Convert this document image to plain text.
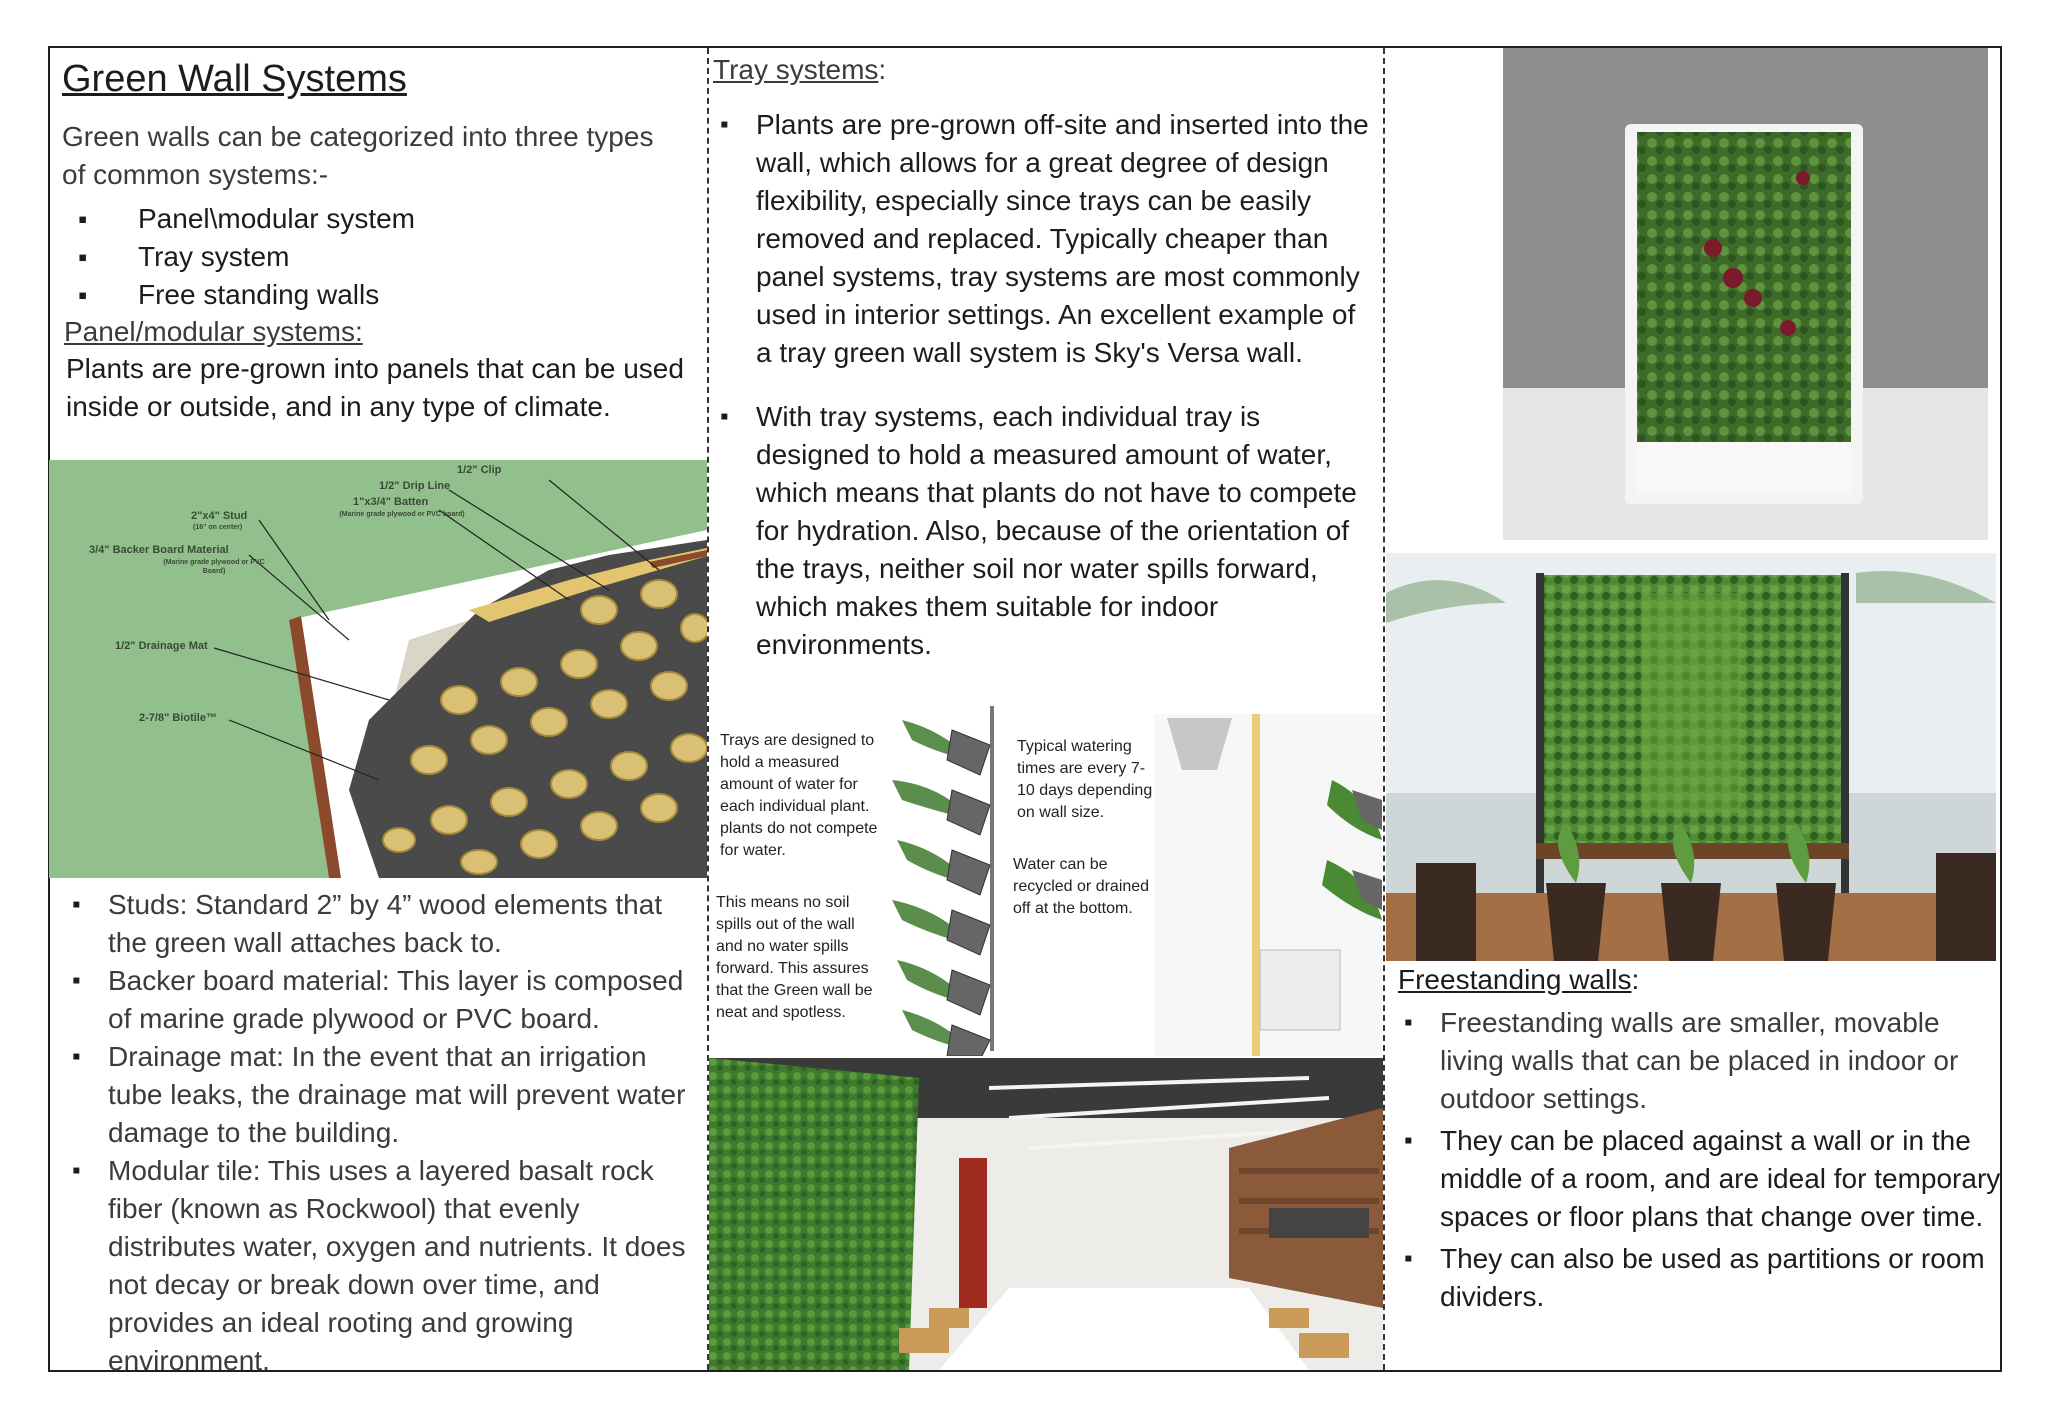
Green Wall Systems
Green walls can be categorized into three types of common systems:-
▪ Panel\modular system
▪ Tray system
▪ Free standing walls
Panel/modular systems:
Plants are pre-grown into panels that can be used inside or outside, and in any type of climate.
1/2" Clip
1/2" Drip Line
1"x3/4" Batten
(Marine grade plywood or PVC board)
2"x4" Stud
(16" on center)
3/4" Backer Board Material
(Marine grade plywood or PVC Board)
1/2" Drainage Mat
2-7/8" Biotile™
▪ Studs: Standard 2” by 4” wood elements that the green wall attaches back to.
▪ Backer board material: This layer is composed of marine grade plywood or PVC board.
▪ Drainage mat: In the event that an irrigation tube leaks, the drainage mat will prevent water damage to the building.
▪ Modular tile: This uses a layered basalt rock fiber (known as Rockwool) that evenly distributes water, oxygen and nutrients. It does not decay or break down over time, and provides an ideal rooting and growing environment.
Tray systems:
▪ Plants are pre-grown off-site and inserted into the wall, which allows for a great degree of design flexibility, especially since trays can be easily removed and replaced. Typically cheaper than panel systems, tray systems are most commonly used in interior settings. An excellent example of a tray green wall system is Sky's Versa wall.
▪ With tray systems, each individual tray is designed to hold a measured amount of water, which means that plants do not have to compete for hydration. Also, because of the orientation of the trays, neither soil nor water spills forward, which makes them suitable for indoor environments.
Trays are designed to hold a measured amount of water for each individual plant. plants do not compete for water.
This means no soil spills out of the wall and no water spills forward. This assures that the Green wall be neat and spotless.
Typical watering times are every 7-10 days depending on wall size.
Water can be recycled or drained off at the bottom.
Freestanding walls:
▪ Freestanding walls are smaller, movable living walls that can be placed in indoor or outdoor settings.
▪ They can be placed against a wall or in the middle of a room, and are ideal for temporary spaces or floor plans that change over time.
▪ They can also be used as partitions or room dividers.
